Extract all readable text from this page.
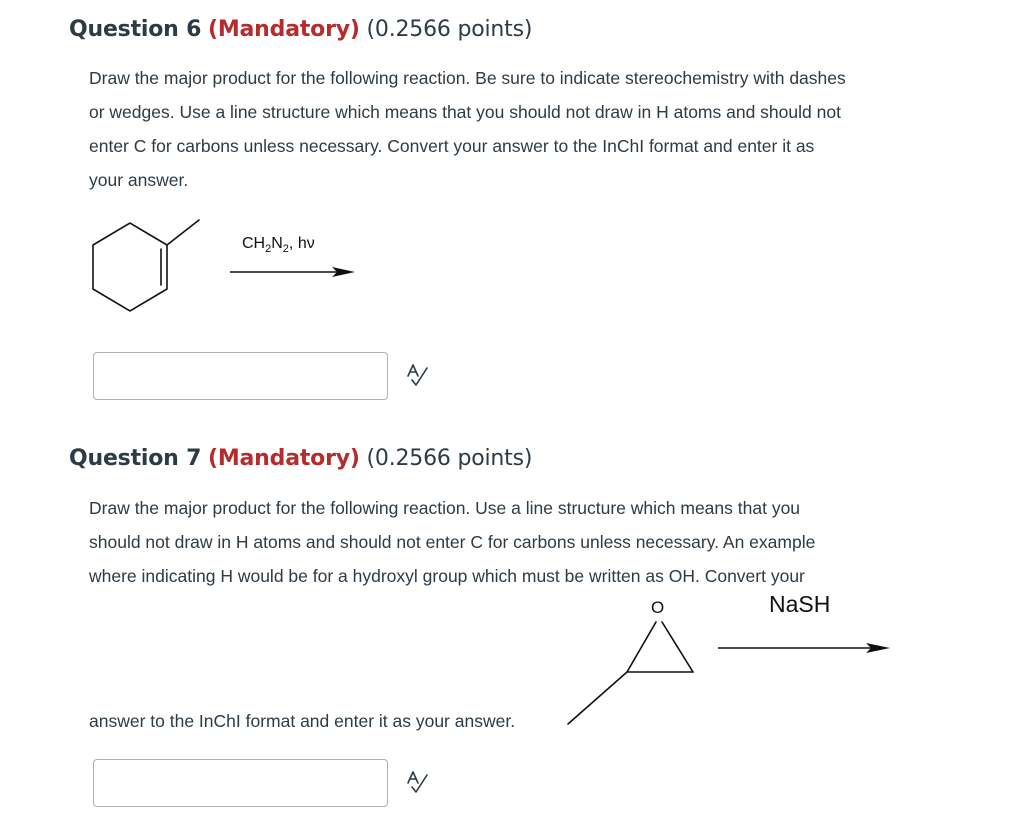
Question 6 (Mandatory) (0.2566 points)

Draw the major product for the following reaction. Be sure to indicate stereochemistry with dashes

or wedges. Use a line structure which means that you should not draw in H atoms and should not

enter C for carbons unless necessary. Convert your answer to the InChI format and enter it as

your answer.

$CH_2N_2$, hν
Question 7 (Mandatory) (0.2566 points)

Draw the major product for the following reaction. Use a line structure which means that you

should not draw in H atoms and should not enter C for carbons unless necessary. An example

where indicating H would be for a hydroxyl group which must be written as OH. Convert your

O	NaSH

answer to the InChI format and enter it as your answer.
